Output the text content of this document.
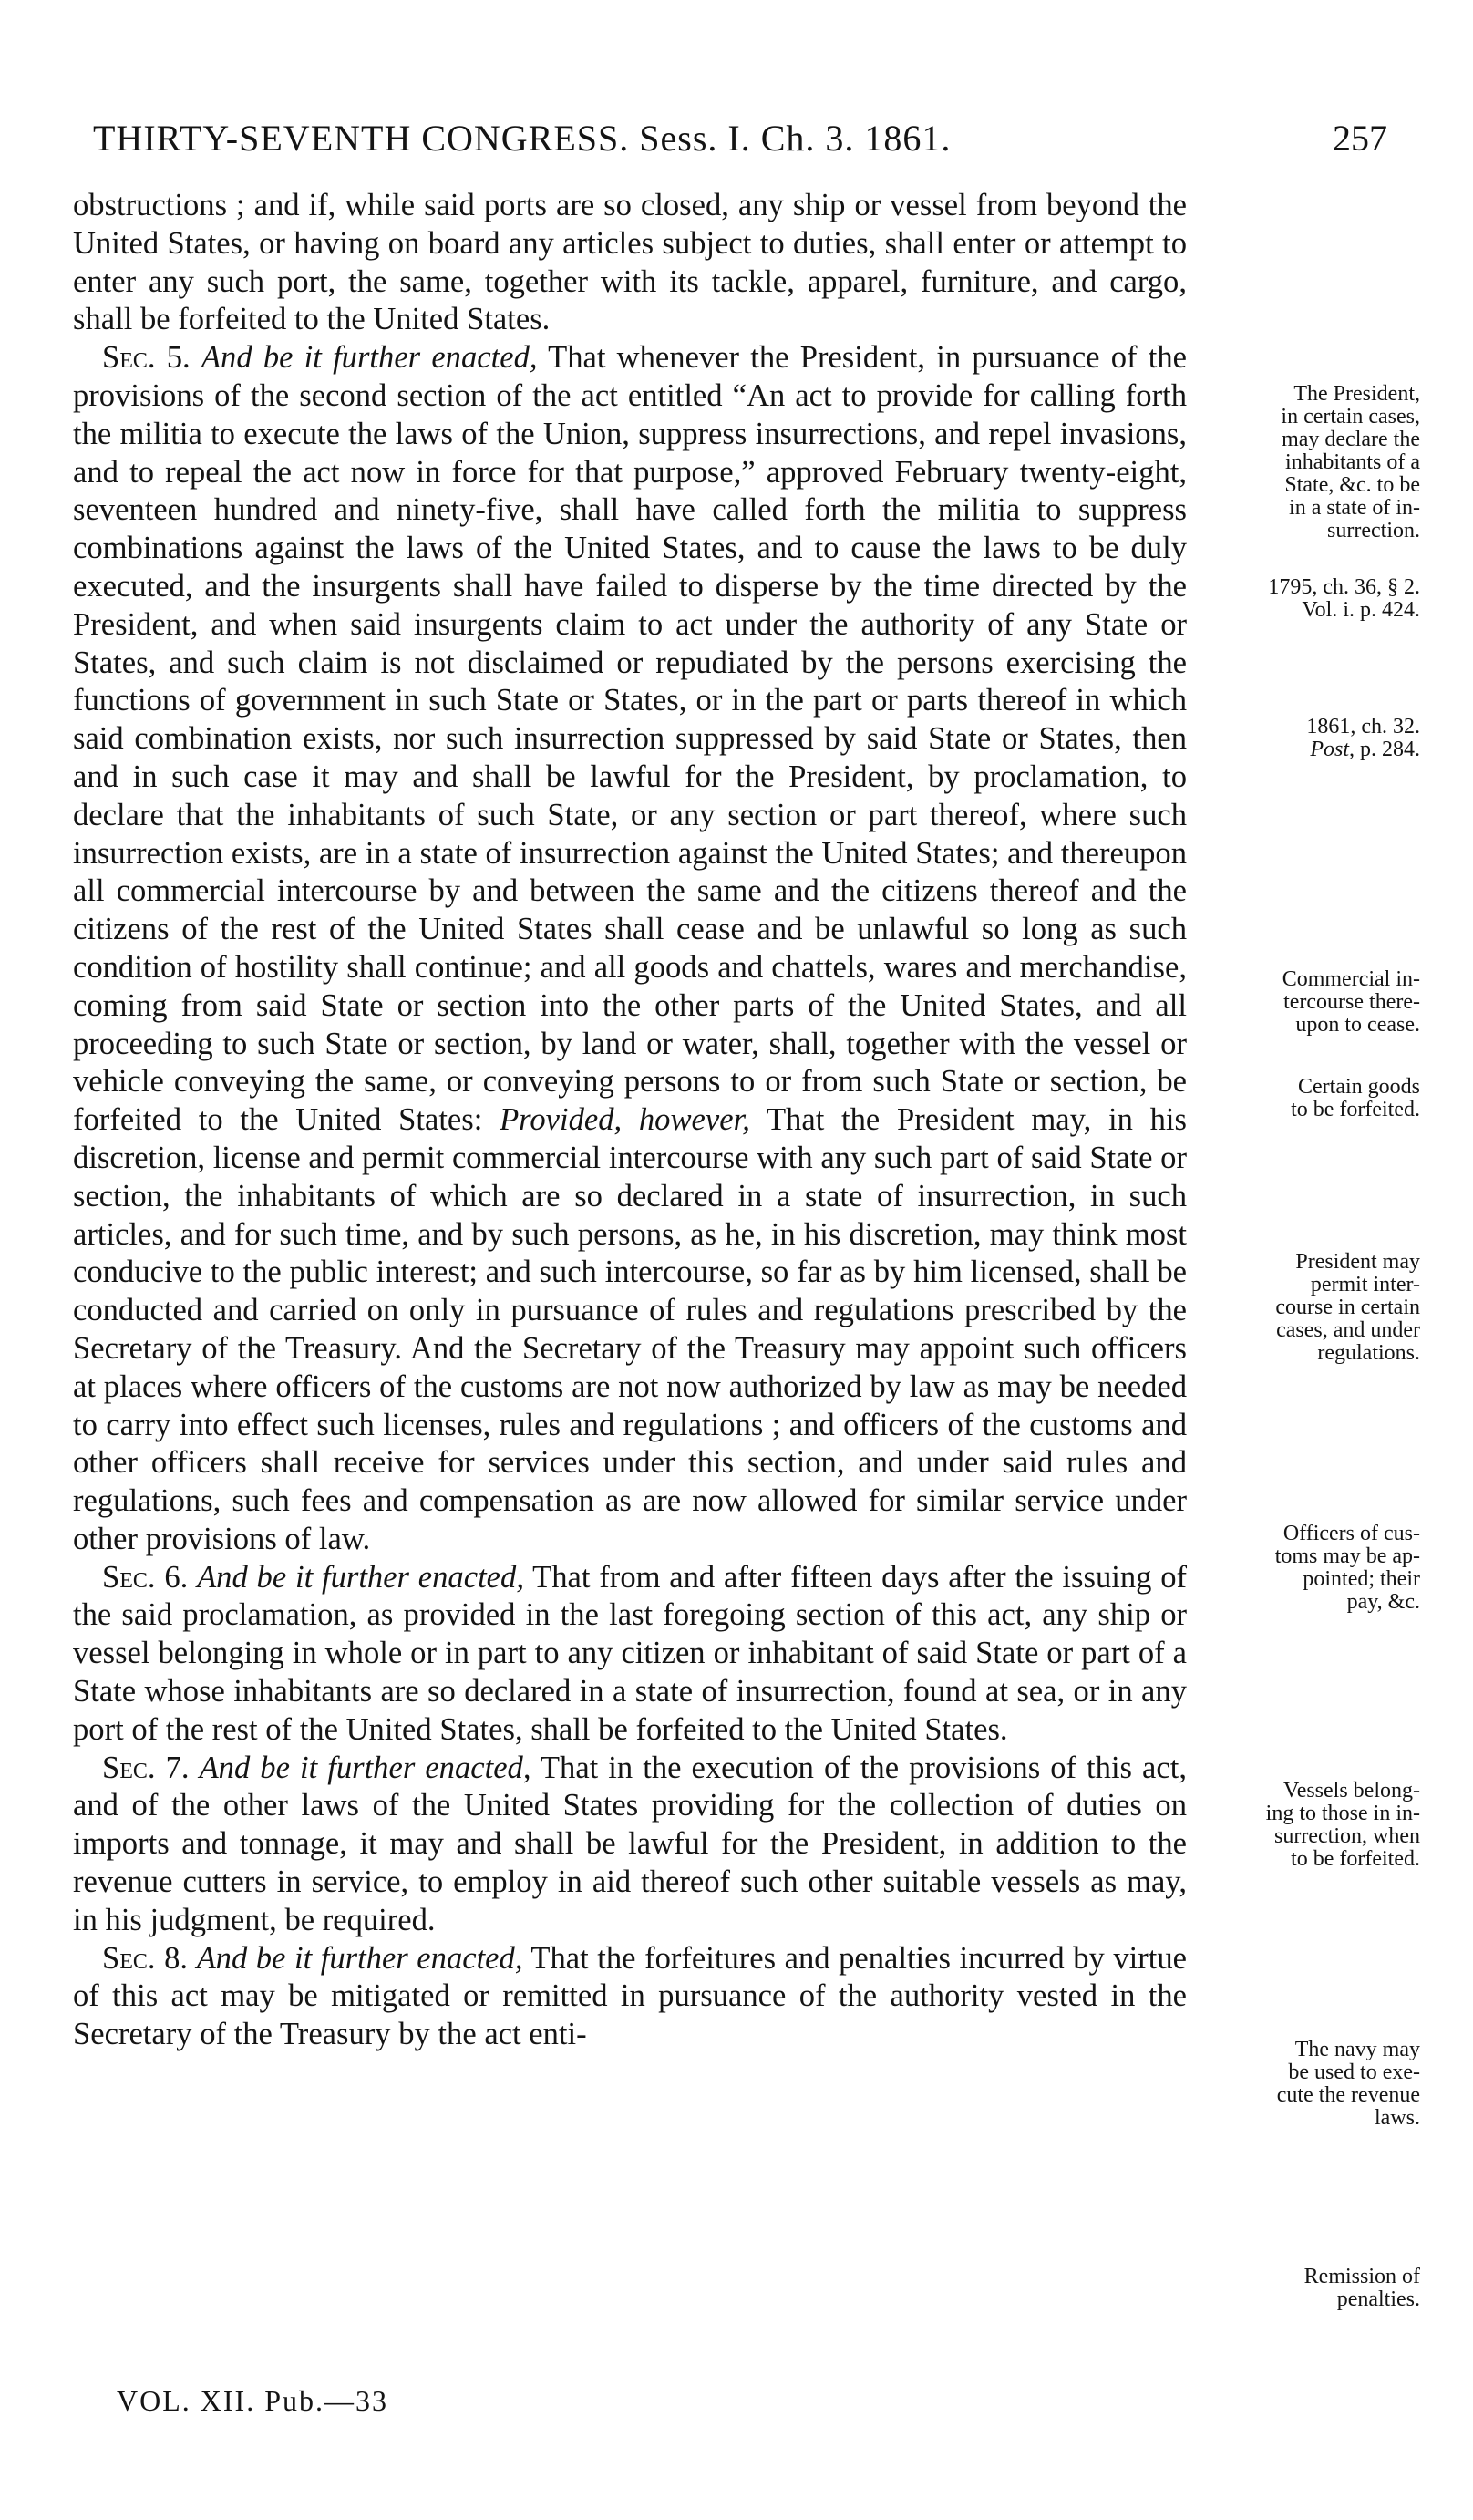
THIRTY-SEVENTH CONGRESS. Sess. I. Ch. 3. 1861.	257

obstructions ; and if, while said ports are so closed, any ship or vessel from beyond the United States, or having on board any articles subject to duties, shall enter or attempt to enter any such port, the same, together with its tackle, apparel, furniture, and cargo, shall be forfeited to the United States.

Sec. 5. And be it further enacted, That whenever the President, in pursuance of the provisions of the second section of the act entitled “An act to provide for calling forth the militia to execute the laws of the Union, suppress insurrections, and repel invasions, and to repeal the act now in force for that purpose,” approved February twenty-eight, seventeen hundred and ninety-five, shall have called forth the militia to suppress combinations against the laws of the United States, and to cause the laws to be duly executed, and the insurgents shall have failed to disperse by the time directed by the President, and when said insurgents claim to act under the authority of any State or States, and such claim is not disclaimed or repudiated by the persons exercising the functions of government in such State or States, or in the part or parts thereof in which said combination exists, nor such insurrection suppressed by said State or States, then and in such case it may and shall be lawful for the President, by proclamation, to declare that the inhabitants of such State, or any section or part thereof, where such insurrection exists, are in a state of insurrection against the United States; and thereupon all commercial intercourse by and between the same and the citizens thereof and the citizens of the rest of the United States shall cease and be unlawful so long as such condition of hostility shall continue; and all goods and chattels, wares and merchandise, coming from said State or section into the other parts of the United States, and all proceeding to such State or section, by land or water, shall, together with the vessel or vehicle conveying the same, or conveying persons to or from such State or section, be forfeited to the United States: Provided, however, That the President may, in his discretion, license and permit commercial intercourse with any such part of said State or section, the inhabitants of which are so declared in a state of insurrection, in such articles, and for such time, and by such persons, as he, in his discretion, may think most conducive to the public interest; and such intercourse, so far as by him licensed, shall be conducted and carried on only in pursuance of rules and regulations prescribed by the Secretary of the Treasury. And the Secretary of the Treasury may appoint such officers at places where officers of the customs are not now authorized by law as may be needed to carry into effect such licenses, rules and regulations ; and officers of the customs and other officers shall receive for services under this section, and under said rules and regulations, such fees and compensation as are now allowed for similar service under other provisions of law.

Sec. 6. And be it further enacted, That from and after fifteen days after the issuing of the said proclamation, as provided in the last foregoing section of this act, any ship or vessel belonging in whole or in part to any citizen or inhabitant of said State or part of a State whose inhabitants are so declared in a state of insurrection, found at sea, or in any port of the rest of the United States, shall be forfeited to the United States.

Sec. 7. And be it further enacted, That in the execution of the provisions of this act, and of the other laws of the United States providing for the collection of duties on imports and tonnage, it may and shall be lawful for the President, in addition to the revenue cutters in service, to employ in aid thereof such other suitable vessels as may, in his judgment, be required.

Sec. 8. And be it further enacted, That the forfeitures and penalties incurred by virtue of this act may be mitigated or remitted in pursuance of the authority vested in the Secretary of the Treasury by the act enti-

The President,
in certain cases,
may declare the
inhabitants of a
State, &c. to be
in a state of in-
surrection.
1795, ch. 36, § 2.
Vol. i. p. 424.
1861, ch. 32.
Post, p. 284.
Commercial in-
tercourse there-
upon to cease.
Certain goods
to be forfeited.
President may
permit inter-
course in certain
cases, and under
regulations.
Officers of cus-
toms may be ap-
pointed; their
pay, &c.
Vessels belong-
ing to those in in-
surrection, when
to be forfeited.
The navy may
be used to exe-
cute the revenue
laws.
Remission of
penalties.
VOL. XII. Pub.—33
